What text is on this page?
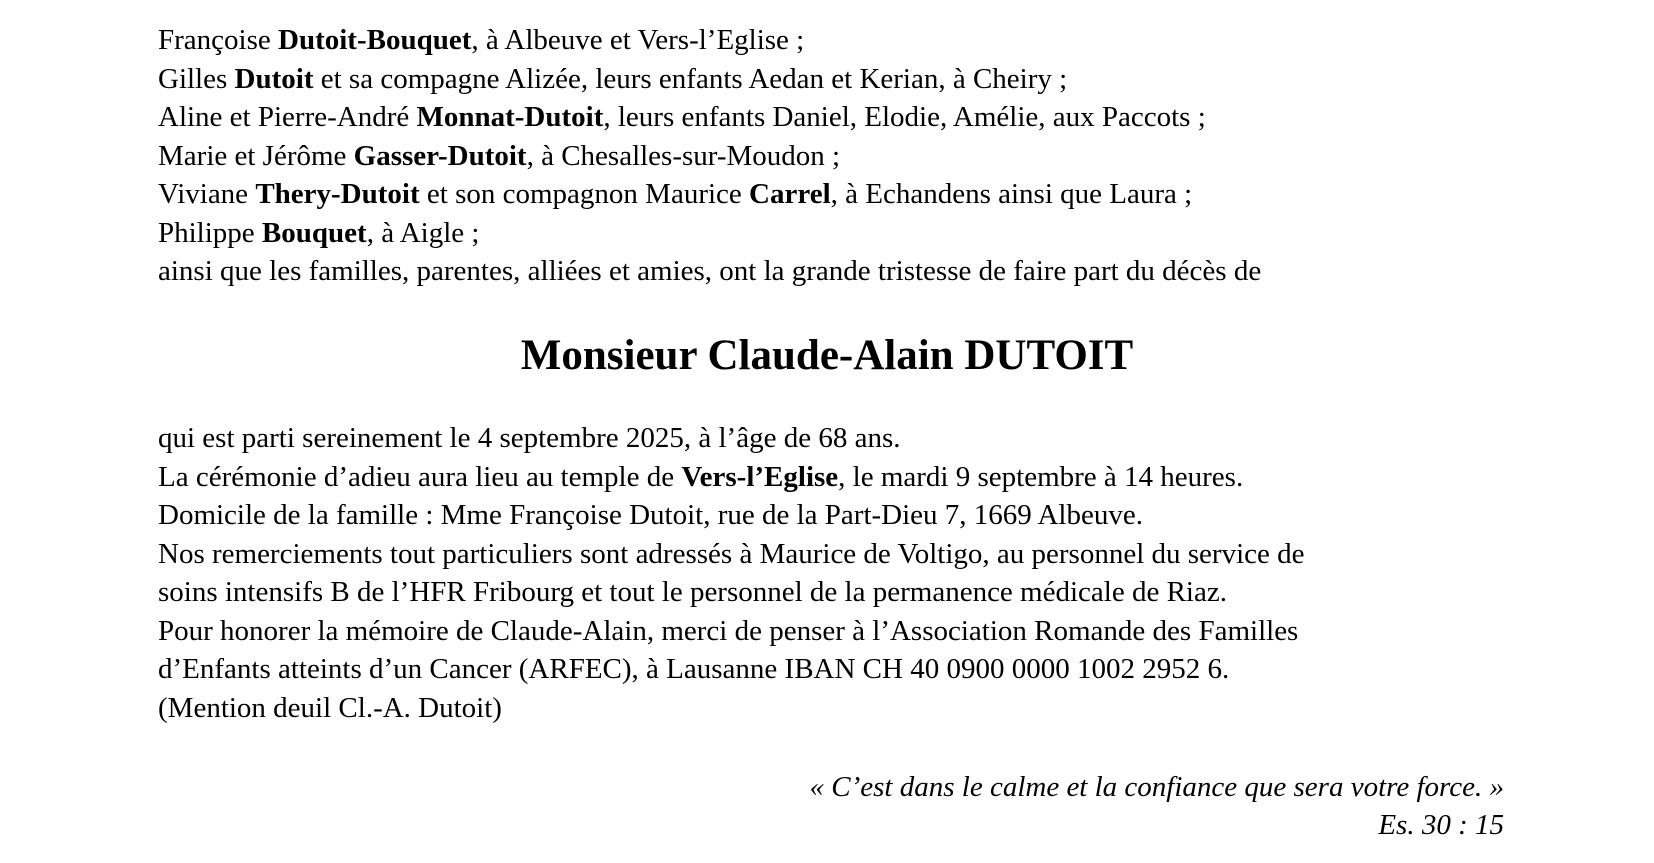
Françoise Dutoit-Bouquet, à Albeuve et Vers-l’Eglise ;
Gilles Dutoit et sa compagne Alizée, leurs enfants Aedan et Kerian, à Cheiry ;
Aline et Pierre-André Monnat-Dutoit, leurs enfants Daniel, Elodie, Amélie, aux Paccots ;
Marie et Jérôme Gasser-Dutoit, à Chesalles-sur-Moudon ;
Viviane Thery-Dutoit et son compagnon Maurice Carrel, à Echandens ainsi que Laura ;
Philippe Bouquet, à Aigle ;
ainsi que les familles, parentes, alliées et amies, ont la grande tristesse de faire part du décès de
Monsieur Claude-Alain DUTOIT
qui est parti sereinement le 4 septembre 2025, à l’âge de 68 ans.
La cérémonie d’adieu aura lieu au temple de Vers-l’Eglise, le mardi 9 septembre à 14 heures.
Domicile de la famille : Mme Françoise Dutoit, rue de la Part-Dieu 7, 1669 Albeuve.
Nos remerciements tout particuliers sont adressés à Maurice de Voltigo, au personnel du service de
soins intensifs B de l’HFR Fribourg et tout le personnel de la permanence médicale de Riaz.
Pour honorer la mémoire de Claude-Alain, merci de penser à l’Association Romande des Familles
d’Enfants atteints d’un Cancer (ARFEC), à Lausanne IBAN CH 40 0900 0000 1002 2952 6.
(Mention deuil Cl.-A. Dutoit)
« C’est dans le calme et la confiance que sera votre force. »
Es. 30 : 15
